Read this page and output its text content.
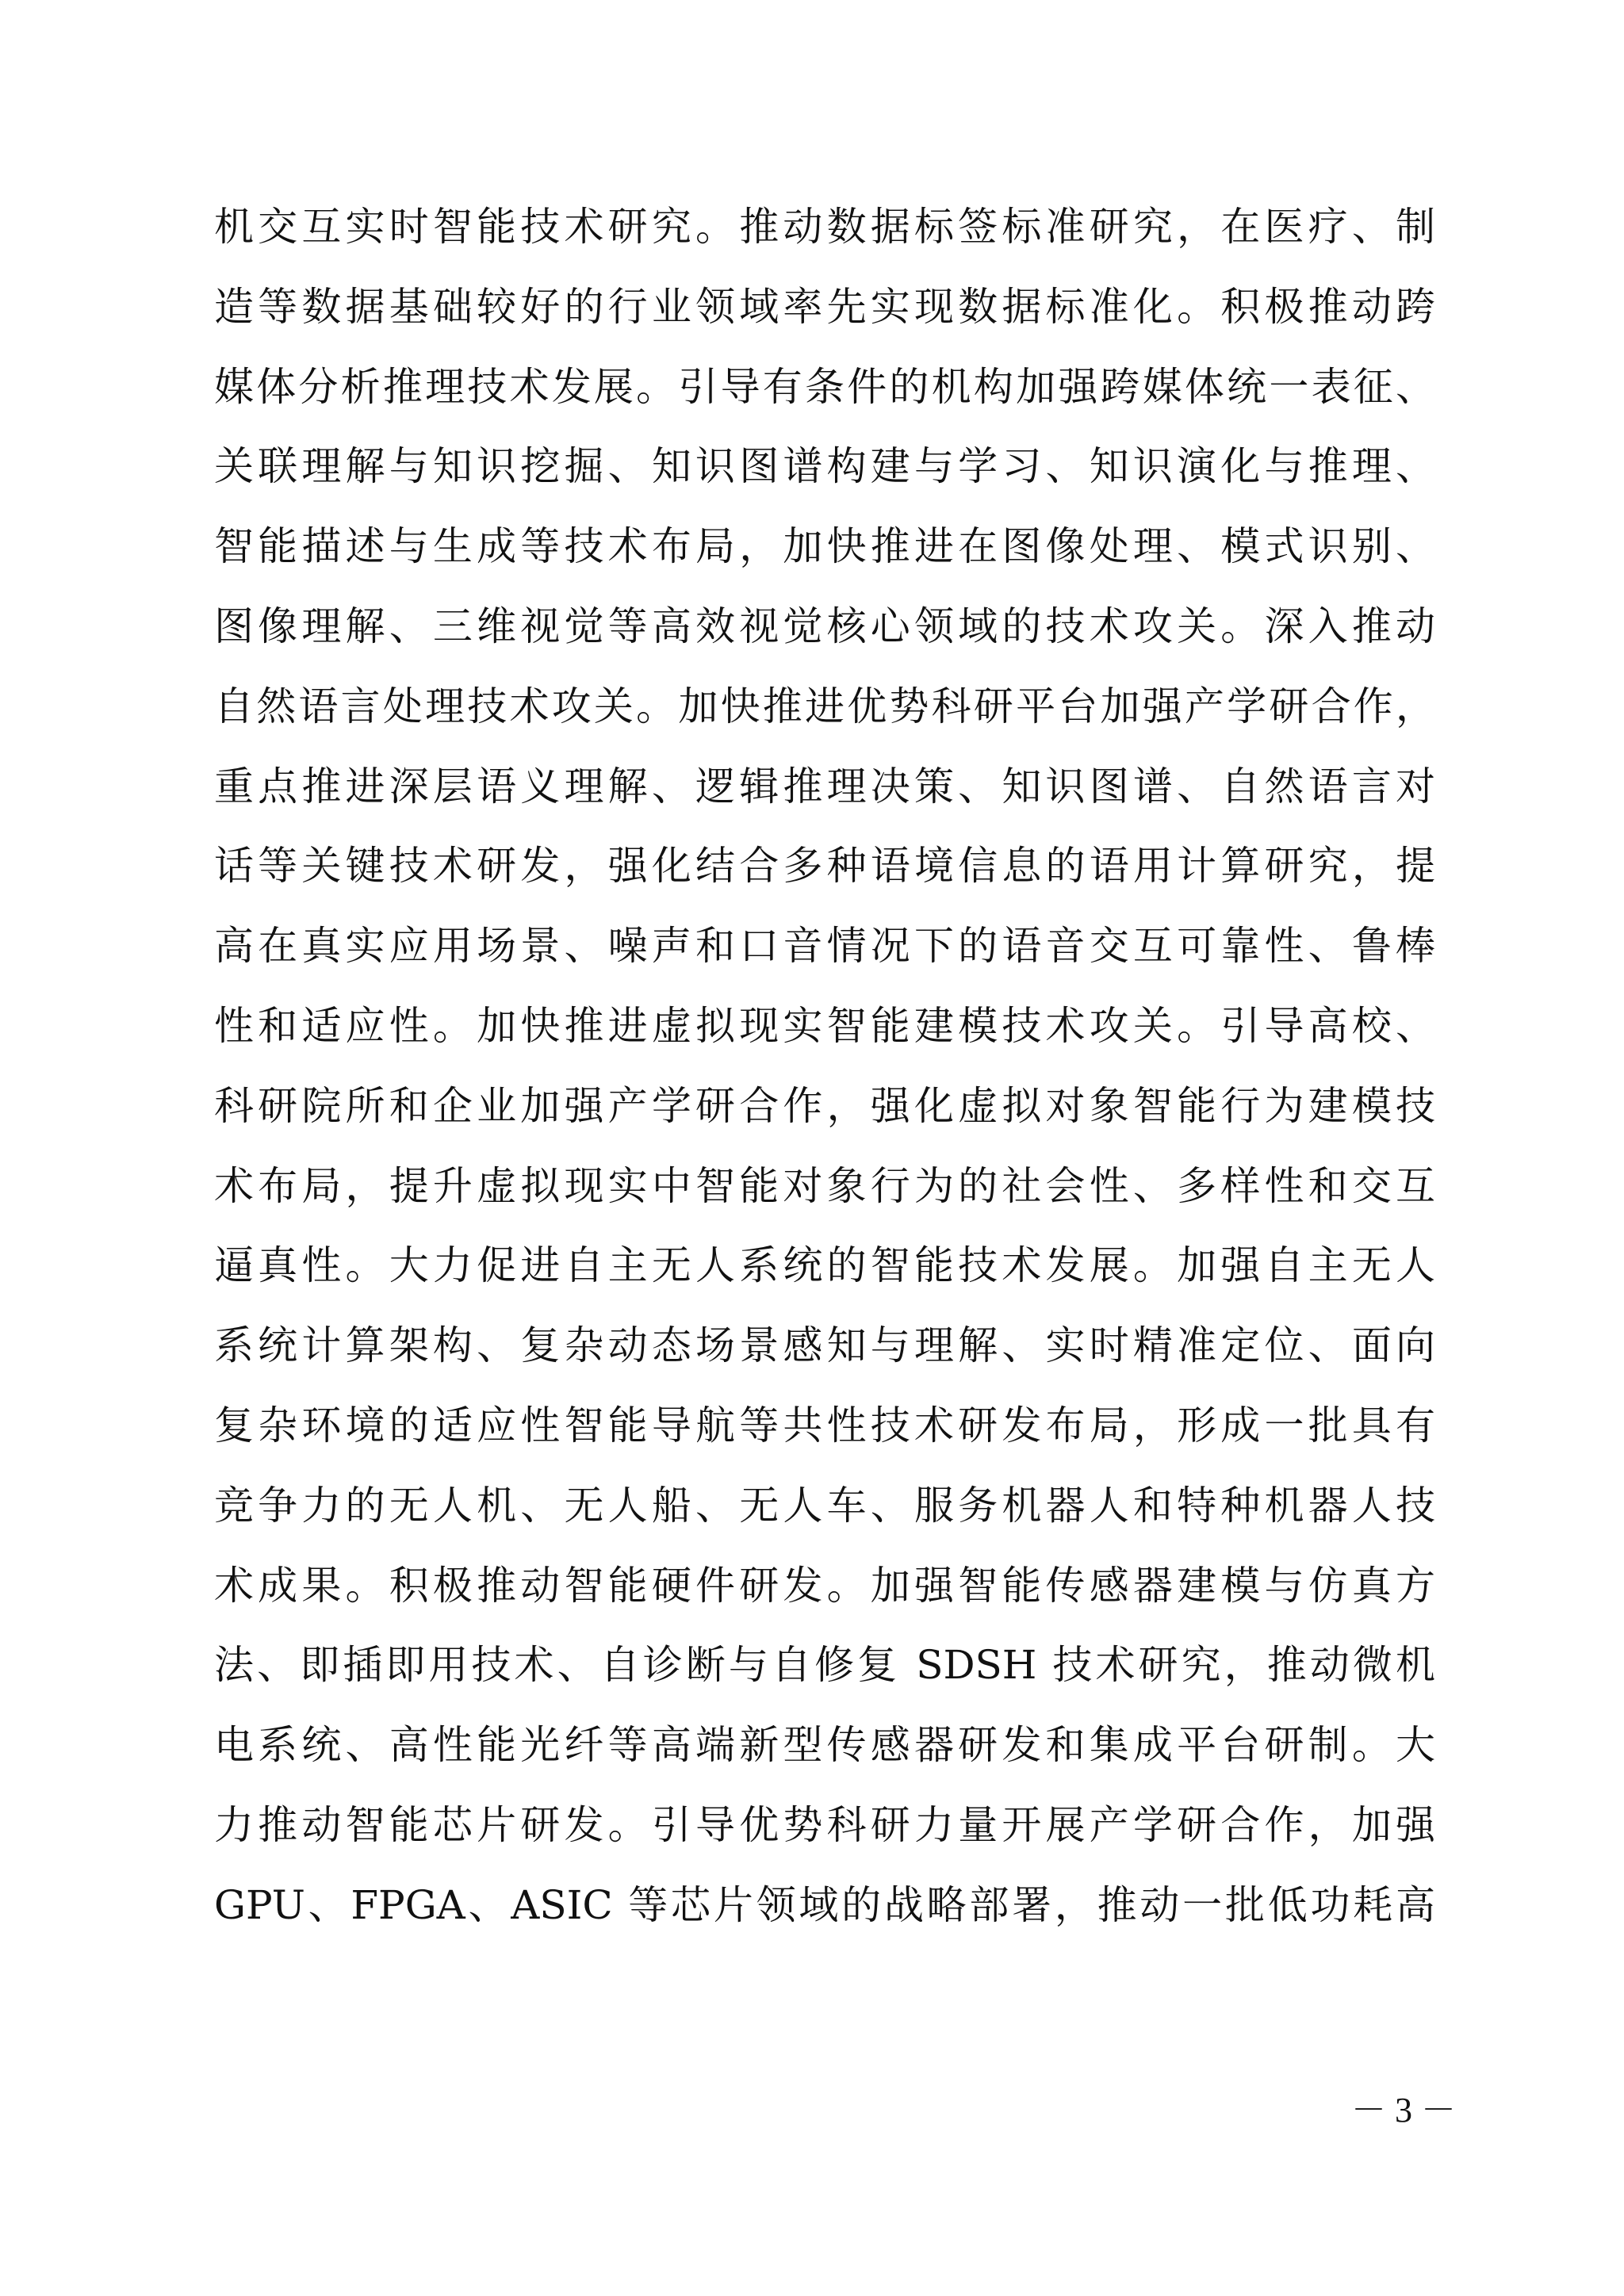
机交互实时智能技术研究。推动数据标签标准研究，在医疗、制
造等数据基础较好的行业领域率先实现数据标准化。积极推动跨
媒体分析推理技术发展。引导有条件的机构加强跨媒体统一表征、
关联理解与知识挖掘、知识图谱构建与学习、知识演化与推理、
智能描述与生成等技术布局，加快推进在图像处理、模式识别、
图像理解、三维视觉等高效视觉核心领域的技术攻关。深入推动
自然语言处理技术攻关。加快推进优势科研平台加强产学研合作，
重点推进深层语义理解、逻辑推理决策、知识图谱、自然语言对
话等关键技术研发，强化结合多种语境信息的语用计算研究，提
高在真实应用场景、噪声和口音情况下的语音交互可靠性、鲁棒
性和适应性。加快推进虚拟现实智能建模技术攻关。引导高校、
科研院所和企业加强产学研合作，强化虚拟对象智能行为建模技
术布局，提升虚拟现实中智能对象行为的社会性、多样性和交互
逼真性。大力促进自主无人系统的智能技术发展。加强自主无人
系统计算架构、复杂动态场景感知与理解、实时精准定位、面向
复杂环境的适应性智能导航等共性技术研发布局，形成一批具有
竞争力的无人机、无人船、无人车、服务机器人和特种机器人技
术成果。积极推动智能硬件研发。加强智能传感器建模与仿真方
法、即插即用技术、自诊断与自修复 SDSH 技术研究，推动微机
电系统、高性能光纤等高端新型传感器研发和集成平台研制。大
力推动智能芯片研发。引导优势科研力量开展产学研合作，加强
GPU、FPGA、ASIC 等芯片领域的战略部署，推动一批低功耗高
－ 3 －
